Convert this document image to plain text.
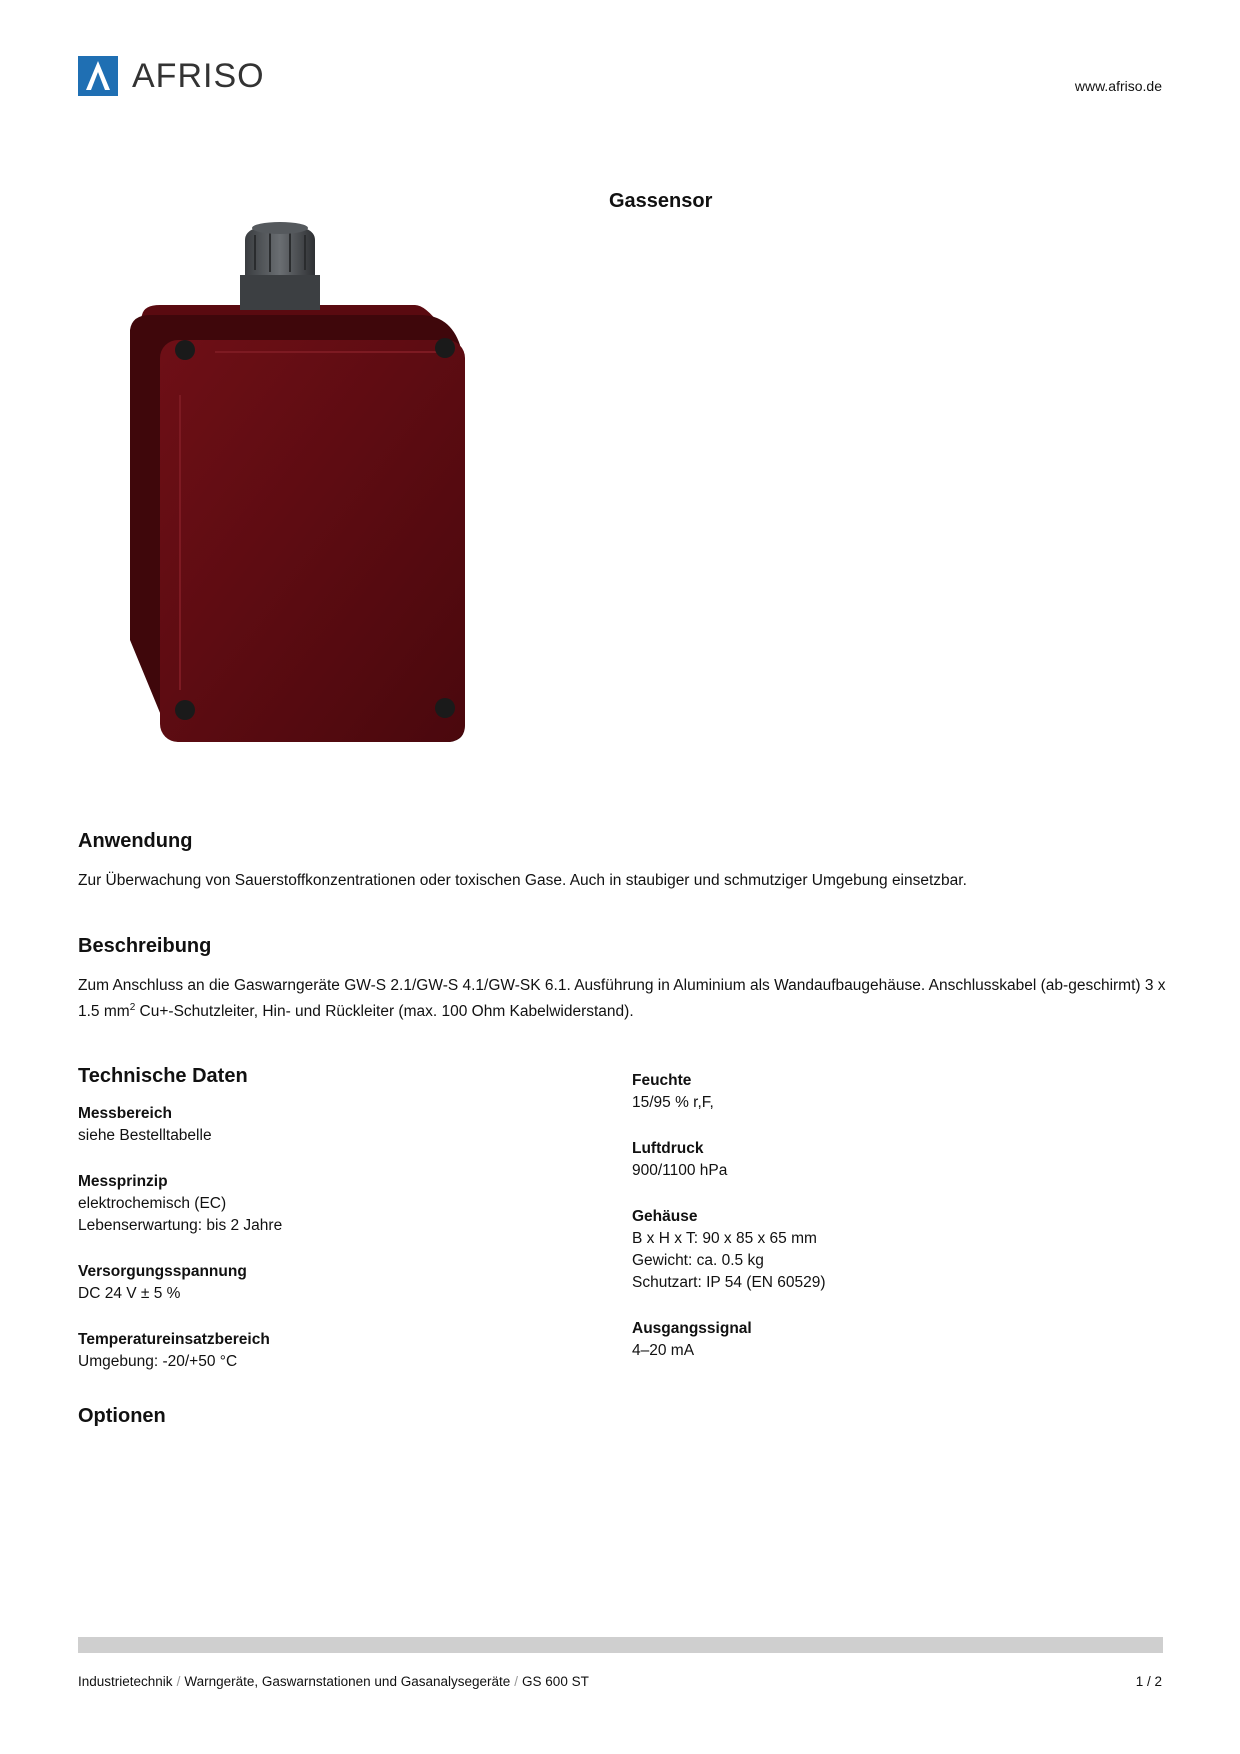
AFRISO	www.afriso.de
Gassensor
Anwendung
Zur Überwachung von Sauerstoffkonzentrationen oder toxischen Gase. Auch in staubiger und schmutziger Umgebung einsetzbar.
Beschreibung
Zum Anschluss an die Gaswarngeräte GW-S 2.1/GW-S 4.1/GW-SK 6.1. Ausführung in Aluminium als Wandaufbaugehäuse. Anschlusskabel (ab-geschirmt) 3 x 1.5 $mm^2$ Cu+-Schutzleiter, Hin- und Rückleiter (max. 100 Ohm Kabelwiderstand).
Technische Daten
Messbereich
siehe Bestelltabelle
Messprinzip
elektrochemisch (EC)
Lebenserwartung: bis 2 Jahre
Versorgungsspannung
DC 24 V ± 5 %
Temperatureinsatzbereich
Umgebung: -20/+50 °C
Feuchte
15/95 % r,F,
Luftdruck
900/1100 hPa
Gehäuse
B x H x T: 90 x 85 x 65 mm
Gewicht: ca. 0.5 kg
Schutzart: IP 54 (EN 60529)
Ausgangssignal
4–20 mA
Optionen
Industrietechnik / Warngeräte, Gaswarnstationen und Gasanalysegeräte / GS 600 ST	1 / 2
